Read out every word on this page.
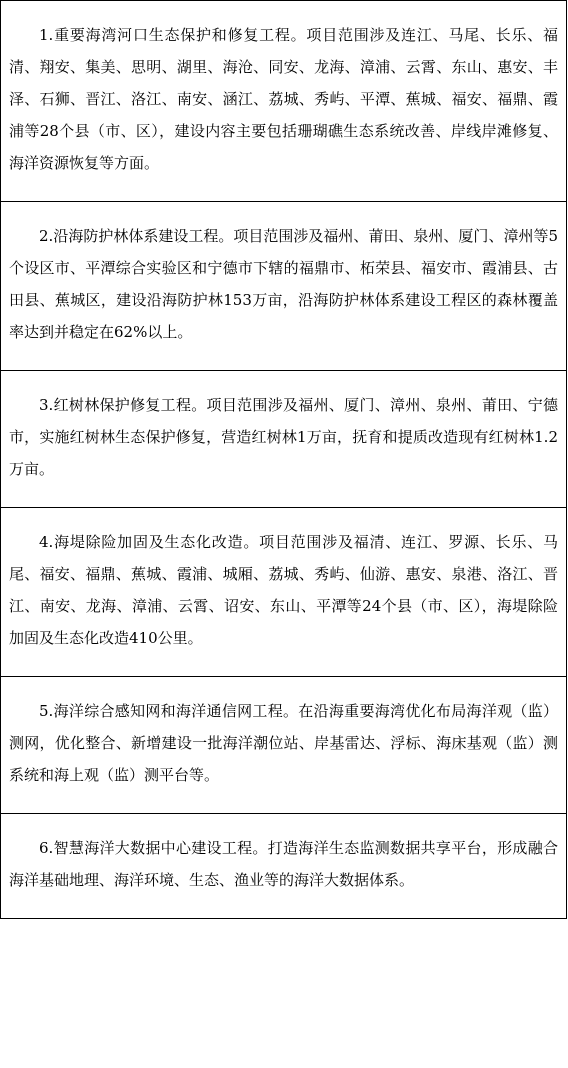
1.重要海湾河口生态保护和修复工程。项目范围涉及连江、马尾、长乐、福清、翔安、集美、思明、湖里、海沧、同安、龙海、漳浦、云霄、东山、惠安、丰泽、石狮、晋江、洛江、南安、涵江、荔城、秀屿、平潭、蕉城、福安、福鼎、霞浦等28个县（市、区），建设内容主要包括珊瑚礁生态系统改善、岸线岸滩修复、海洋资源恢复等方面。
2.沿海防护林体系建设工程。项目范围涉及福州、莆田、泉州、厦门、漳州等5个设区市、平潭综合实验区和宁德市下辖的福鼎市、柘荣县、福安市、霞浦县、古田县、蕉城区，建设沿海防护林153万亩，沿海防护林体系建设工程区的森林覆盖率达到并稳定在62%以上。
3.红树林保护修复工程。项目范围涉及福州、厦门、漳州、泉州、莆田、宁德市，实施红树林生态保护修复，营造红树林1万亩，抚育和提质改造现有红树林1.2万亩。
4.海堤除险加固及生态化改造。项目范围涉及福清、连江、罗源、长乐、马尾、福安、福鼎、蕉城、霞浦、城厢、荔城、秀屿、仙游、惠安、泉港、洛江、晋江、南安、龙海、漳浦、云霄、诏安、东山、平潭等24个县（市、区），海堤除险加固及生态化改造410公里。
5.海洋综合感知网和海洋通信网工程。在沿海重要海湾优化布局海洋观（监）测网，优化整合、新增建设一批海洋潮位站、岸基雷达、浮标、海床基观（监）测系统和海上观（监）测平台等。
6.智慧海洋大数据中心建设工程。打造海洋生态监测数据共享平台，形成融合海洋基础地理、海洋环境、生态、渔业等的海洋大数据体系。
